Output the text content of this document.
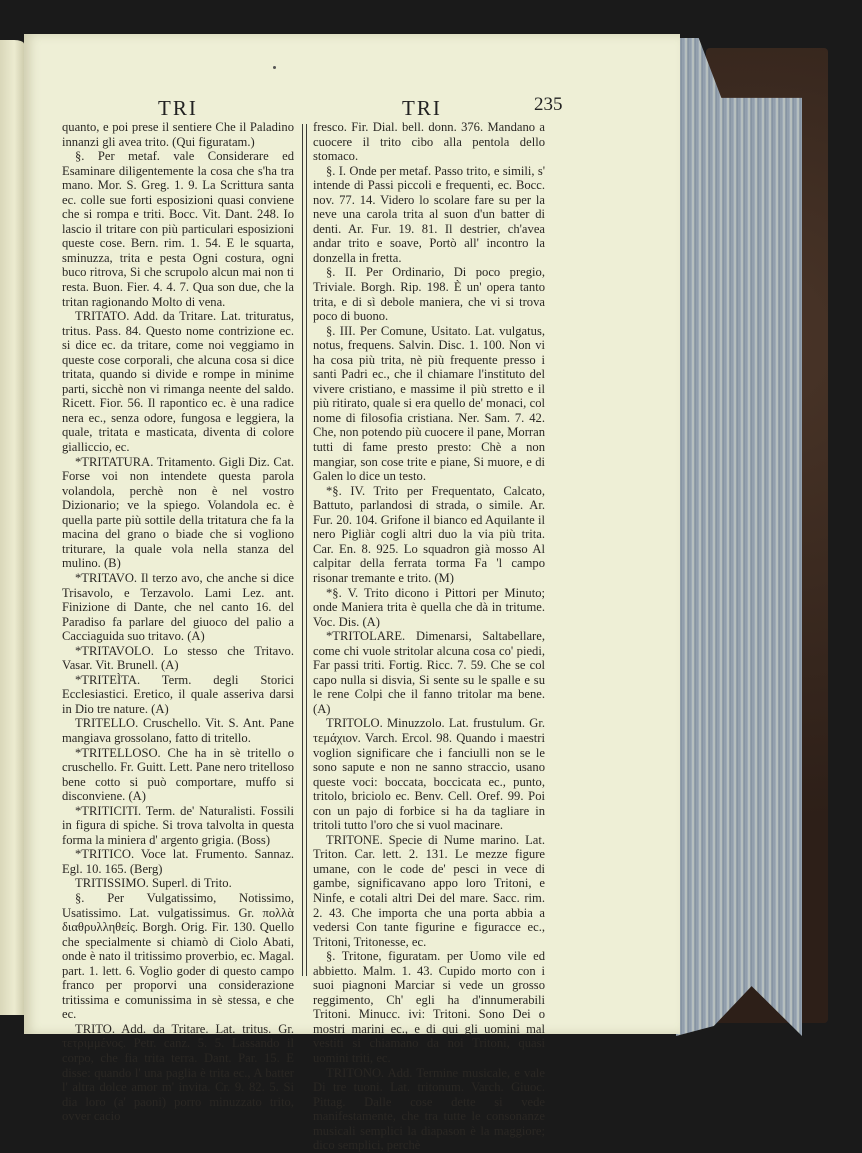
TRI	TRI	235

quanto, e poi prese il sentiere Che il Paladino innanzi gli avea trito. (Qui figuratam.)

§. Per metaf. vale Considerare ed Esaminare diligentemente la cosa che s'ha tra mano. Mor. S. Greg. 1. 9. La Scrittura santa ec. colle sue forti esposizioni quasi conviene che si rompa e triti. Bocc. Vit. Dant. 248. Io lascio il tritare con più particulari esposizioni queste cose. Bern. rim. 1. 54. E le squarta, sminuzza, trita e pesta Ogni costura, ogni buco ritrova, Si che scrupolo alcun mai non ti resta. Buon. Fier. 4. 4. 7. Qua son due, che la tritan ragionando Molto di vena.

TRITATO. Add. da Tritare. Lat. trituratus, tritus. Pass. 84. Questo nome contrizione ec. si dice ec. da tritare, come noi veggiamo in queste cose corporali, che alcuna cosa si dice tritata, quando si divide e rompe in minime parti, sicchè non vi rimanga neente del saldo. Ricett. Fior. 56. Il rapontico ec. è una radice nera ec., senza odore, fungosa e leggiera, la quale, tritata e masticata, diventa di colore gialliccio, ec.

*TRITATURA. Tritamento. Gigli Diz. Cat. Forse voi non intendete questa parola volandola, perchè non è nel vostro Dizionario; ve la spiego. Volandola ec. è quella parte più sottile della tritatura che fa la macina del grano o biade che si vogliono triturare, la quale vola nella stanza del mulino. (B)

*TRITAVO. Il terzo avo, che anche si dice Trisavolo, e Terzavolo. Lami Lez. ant. Finizione di Dante, che nel canto 16. del Paradiso fa parlare del giuoco del palio a Cacciaguida suo tritavo. (A)

*TRITAVOLO. Lo stesso che Tritavo. Vasar. Vit. Brunell. (A)

*TRITEÌTA. Term. degli Storici Ecclesiastici. Eretico, il quale asseriva darsi in Dio tre nature. (A)

TRITELLO. Cruschello. Vit. S. Ant. Pane mangiava grossolano, fatto di tritello.

*TRITELLOSO. Che ha in sè tritello o cruschello. Fr. Guitt. Lett. Pane nero tritelloso bene cotto si può comportare, muffo si disconviene. (A)

*TRITICITI. Term. de' Naturalisti. Fossili in figura di spiche. Si trova talvolta in questa forma la miniera d' argento grigia. (Boss)

*TRITICO. Voce lat. Frumento. Sannaz. Egl. 10. 165. (Berg)

TRITISSIMO. Superl. di Trito.

§. Per Vulgatissimo, Notissimo, Usatissimo. Lat. vulgatissimus. Gr. πολλὰ διαθρυλληθείς. Borgh. Orig. Fir. 130. Quello che specialmente si chiamò di Ciolo Abati, onde è nato il tritissimo proverbio, ec. Magal. part. 1. lett. 6. Voglio goder di questo campo franco per proporvi una considerazione tritissima e comunissima in sè stessa, e che ec.

TRITO. Add. da Tritare. Lat. tritus. Gr. τετριμμένος. Petr. canz. 5. 5. Lassando il corpo, che fia trita terra. Dant. Par. 15. E disse: quando l' una paglia è trita ec., A batter l' altra dolce amor m' invita. Cr. 9. 82. 5. Si dia loro (a' paoni) porro minuzzato trito, ovver cacio

fresco. Fir. Dial. bell. donn. 376. Mandano a cuocere il trito cibo alla pentola dello stomaco.

§. I. Onde per metaf. Passo trito, e simili, s' intende di Passi piccoli e frequenti, ec. Bocc. nov. 77. 14. Videro lo scolare fare su per la neve una carola trita al suon d'un batter di denti. Ar. Fur. 19. 81. Il destrier, ch'avea andar trito e soave, Portò all' incontro la donzella in fretta.

§. II. Per Ordinario, Di poco pregio, Triviale. Borgh. Rip. 198. È un' opera tanto trita, e di sì debole maniera, che vi si trova poco di buono.

§. III. Per Comune, Usitato. Lat. vulgatus, notus, frequens. Salvin. Disc. 1. 100. Non vi ha cosa più trita, nè più frequente presso i santi Padri ec., che il chiamare l'instituto del vivere cristiano, e massime il più stretto e il più ritirato, quale si era quello de' monaci, col nome di filosofia cristiana. Ner. Sam. 7. 42. Che, non potendo più cuocere il pane, Morran tutti di fame presto presto: Chè a non mangiar, son cose trite e piane, Si muore, e di Galen lo dice un testo.

*§. IV. Trito per Frequentato, Calcato, Battuto, parlandosi di strada, o simile. Ar. Fur. 20. 104. Grifone il bianco ed Aquilante il nero Pigliàr cogli altri duo la via più trita. Car. En. 8. 925. Lo squadron già mosso Al calpitar della ferrata torma Fa 'l campo risonar tremante e trito. (M)

*§. V. Trito dicono i Pittori per Minuto; onde Maniera trita è quella che dà in tritume. Voc. Dis. (A)

*TRITOLARE. Dimenarsi, Saltabellare, come chi vuole stritolar alcuna cosa co' piedi, Far passi triti. Fortig. Ricc. 7. 59. Che se col capo nulla si disvia, Si sente su le spalle e su le rene Colpi che il fanno tritolar ma bene. (A)

TRITOLO. Minuzzolo. Lat. frustulum. Gr. τεμάχιον. Varch. Ercol. 98. Quando i maestri voglion significare che i fanciulli non se le sono sapute e non ne sanno straccio, usano queste voci: boccata, boccicata ec., punto, tritolo, briciolo ec. Benv. Cell. Oref. 99. Poi con un pajo di forbice si ha da tagliare in tritoli tutto l'oro che si vuol macinare.

TRITONE. Specie di Nume marino. Lat. Triton. Car. lett. 2. 131. Le mezze figure umane, con le code de' pesci in vece di gambe, significavano appo loro Tritoni, e Ninfe, e cotali altri Dei del mare. Sacc. rim. 2. 43. Che importa che una porta abbia a vedersi Con tante figurine e figuracce ec., Tritoni, Tritonesse, ec.

§. Tritone, figuratam. per Uomo vile ed abbietto. Malm. 1. 43. Cupido morto con i suoi piagnoni Marciar si vede un grosso reggimento, Ch' egli ha d'innumerabili Tritoni. Minucc. ivi: Tritoni. Sono Dei o mostri marini ec., e di qui gli uomini mal vestiti si chiamano da noi Tritoni, quasi uomini triti, ec.

TRITONO. Add. Termine musicale, e vale Di tre tuoni. Lat. tritonum. Varch. Giuoc. Pittag. Dalle cose dette si vede manifestamente, che tra tutte le consonanze musicali semplici la diapason è la maggiore; dico semplici, perchè
